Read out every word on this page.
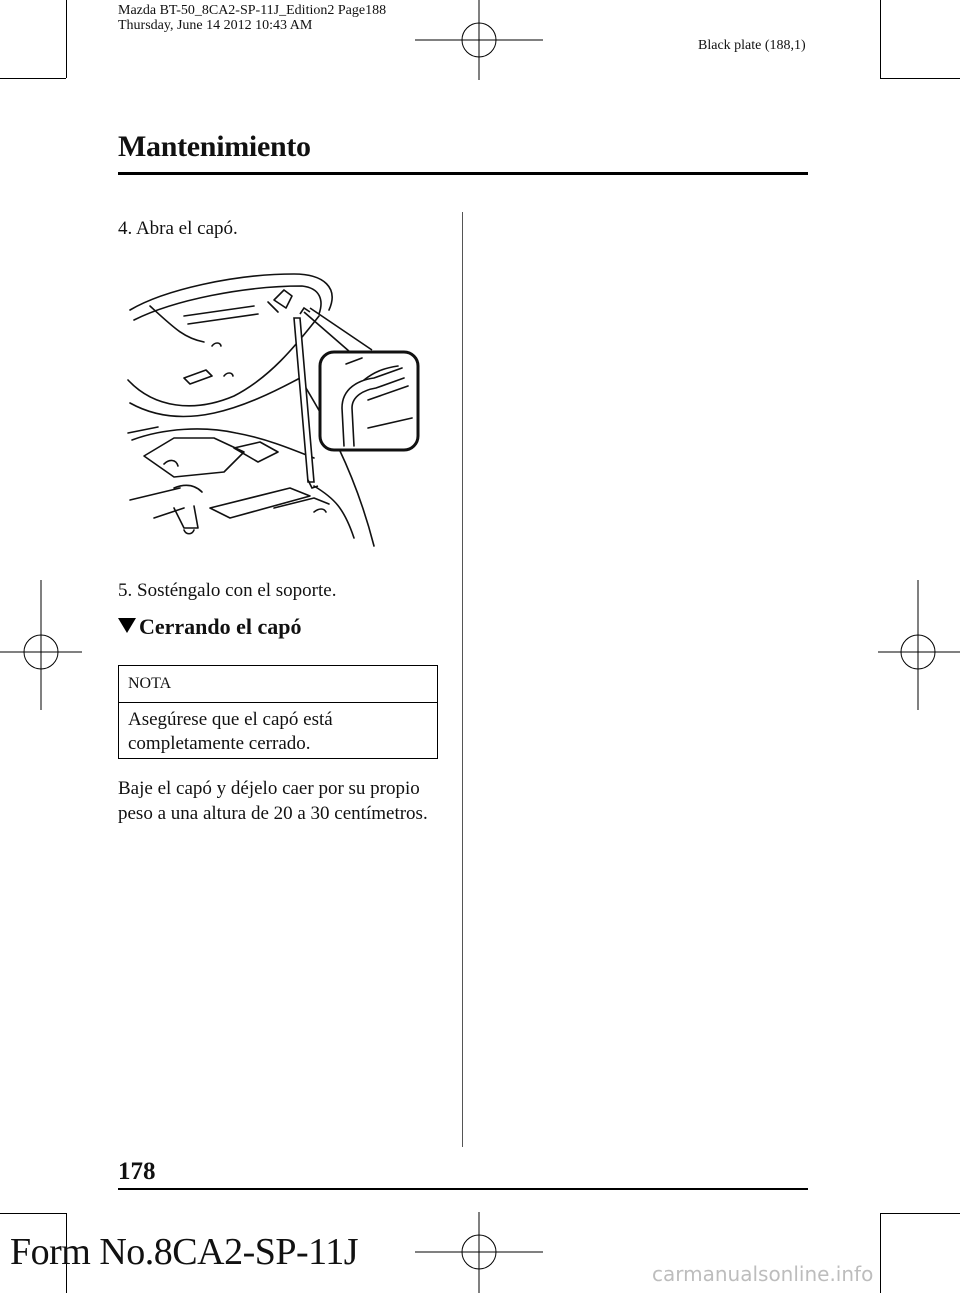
Mazda BT-50_8CA2-SP-11J_Edition2 Page188
Thursday, June 14 2012 10:43 AM
Black plate (188,1)
Mantenimiento
4. Abra el capó.
5. Sosténgalo con el soporte.
Cerrando el capó
NOTA
Asegúrese que el capó está
completamente cerrado.
Baje el capó y déjelo caer por su propio
peso a una altura de 20 a 30 centímetros.
178
Form No.8CA2-SP-11J
carmanualsonline.info
